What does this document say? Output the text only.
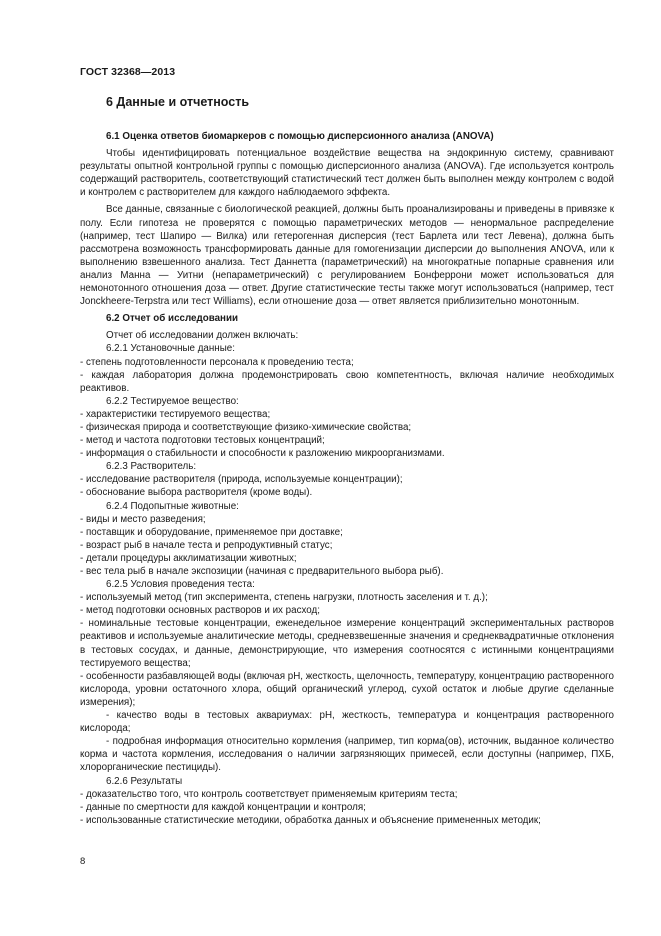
ГОСТ 32368—2013
6 Данные и отчетность

6.1 Оценка ответов биомаркеров с помощью дисперсионного анализа (ANOVA)

Чтобы идентифицировать потенциальное воздействие вещества на эндокринную систему, сравнивают результаты опытной контрольной группы с помощью дисперсионного анализа (ANOVA). Где используется контроль содержащий растворитель, соответствующий статистический тест должен быть выполнен между контролем с водой и контролем с растворителем для каждого наблюдаемого эффекта.

Все данные, связанные с биологической реакцией, должны быть проанализированы и приведены в привязке к полу. Если гипотеза не проверятся с помощью параметрических методов — ненормальное распределение (например, тест Шапиро — Вилка) или гетерогенная дисперсия (тест Барлета или тест Левена), должна быть рассмотрена возможность трансформировать данные для гомогенизации дисперсии до выполнения ANOVA, или к выполнению взвешенного анализа. Тест Даннетта (параметрический) на многократные попарные сравнения или анализ Манна — Уитни (непараметрический) с регулированием Бонферрони может использоваться для немонотонного отношения доза — ответ. Другие статистические тесты также могут использоваться (например, тест Jonckheere-Terpstra или тест Williams), если отношение доза — ответ является приблизительно монотонным.

6.2 Отчет об исследовании

Отчет об исследовании должен включать:

6.2.1 Установочные данные:

- степень подготовленности персонала к проведению теста;
- каждая лаборатория должна продемонстрировать свою компетентность, включая наличие необходимых реактивов.

6.2.2 Тестируемое вещество:

- характеристики тестируемого вещества;
- физическая природа и соответствующие физико-химические свойства;
- метод и частота подготовки тестовых концентраций;
- информация о стабильности и способности к разложению микроорганизмами.

6.2.3 Растворитель:

- исследование растворителя (природа, используемые концентрации);
- обоснование выбора растворителя (кроме воды).

6.2.4 Подопытные животные:

- виды и место разведения;
- поставщик и оборудование, применяемое при доставке;
- возраст рыб в начале теста и репродуктивный статус;
- детали процедуры акклиматизации животных;
- вес тела рыб в начале экспозиции (начиная с предварительного выбора рыб).

6.2.5 Условия проведения теста:

- используемый метод (тип эксперимента, степень нагрузки, плотность заселения и т. д.);
- метод подготовки основных растворов и их расход;
- номинальные тестовые концентрации, еженедельное измерение концентраций экспериментальных растворов реактивов и используемые аналитические методы, средневзвешенные значения и среднеквадратичные отклонения в тестовых сосудах, и данные, демонстрирующие, что измерения соотносятся с истинными концентрациями тестируемого вещества;
- особенности разбавляющей воды (включая pH, жесткость, щелочность, температуру, концентрацию растворенного кислорода, уровни остаточного хлора, общий органический углерод, сухой остаток и любые другие сделанные измерения);
- качество воды в тестовых аквариумах: pH, жесткость, температура и концентрация растворенного кислорода;
- подробная информация относительно кормления (например, тип корма(ов), источник, выданное количество корма и частота кормления, исследования о наличии загрязняющих примесей, если доступны (например, ПХБ, хлорорганические пестициды).

6.2.6 Результаты

- доказательство того, что контроль соответствует применяемым критериям теста;
- данные по смертности для каждой концентрации и контроля;
- использованные статистические методики, обработка данных и объяснение примененных методик;
8
